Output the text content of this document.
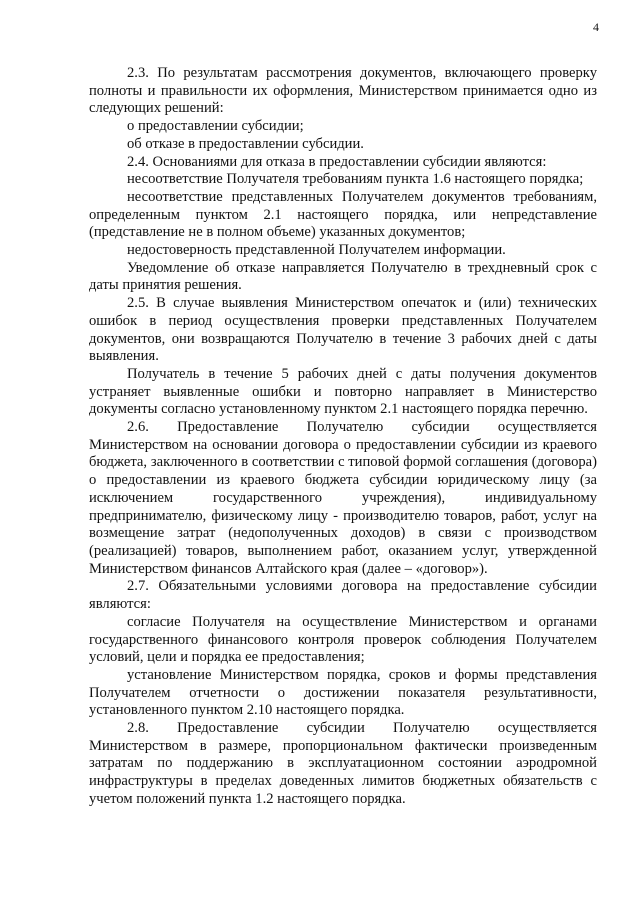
4

2.3. По результатам рассмотрения документов, включающего проверку полноты и правильности их оформления, Министерством принимается одно из следующих решений:

о предоставлении субсидии;

об отказе в предоставлении субсидии.

2.4. Основаниями для отказа в предоставлении субсидии являются:

несоответствие Получателя требованиям пункта 1.6 настоящего порядка;

несоответствие представленных Получателем документов требованиям, определенным пунктом 2.1 настоящего порядка, или непредставление (представление не в полном объеме) указанных документов;

недостоверность представленной Получателем информации.

Уведомление об отказе направляется Получателю в трехдневный срок с даты принятия решения.

2.5. В случае выявления Министерством опечаток и (или) технических ошибок в период осуществления проверки представленных Получателем документов, они возвращаются Получателю в течение 3 рабочих дней с даты выявления.

Получатель в течение 5 рабочих дней с даты получения документов устраняет выявленные ошибки и повторно направляет в Министерство документы согласно установленному пунктом 2.1 настоящего порядка перечню.

2.6. Предоставление Получателю субсидии осуществляется Министерством на основании договора о предоставлении субсидии из краевого бюджета, заключенного в соответствии с типовой формой соглашения (договора) о предоставлении из краевого бюджета субсидии юридическому лицу (за исключением государственного учреждения), индивидуальному предпринимателю, физическому лицу - производителю товаров, работ, услуг на возмещение затрат (недополученных доходов) в связи с производством (реализацией) товаров, выполнением работ, оказанием услуг, утвержденной Министерством финансов Алтайского края (далее – «договор»).

2.7. Обязательными условиями договора на предоставление субсидии являются:

согласие Получателя на осуществление Министерством и органами государственного финансового контроля проверок соблюдения Получателем условий, цели и порядка ее предоставления;

установление Министерством порядка, сроков и формы представления Получателем отчетности о достижении показателя результативности, установленного пунктом 2.10 настоящего порядка.

2.8. Предоставление субсидии Получателю осуществляется Министерством в размере, пропорциональном фактически произведенным затратам по поддержанию в эксплуатационном состоянии аэродромной инфраструктуры в пределах доведенных лимитов бюджетных обязательств с учетом положений пункта 1.2 настоящего порядка.
